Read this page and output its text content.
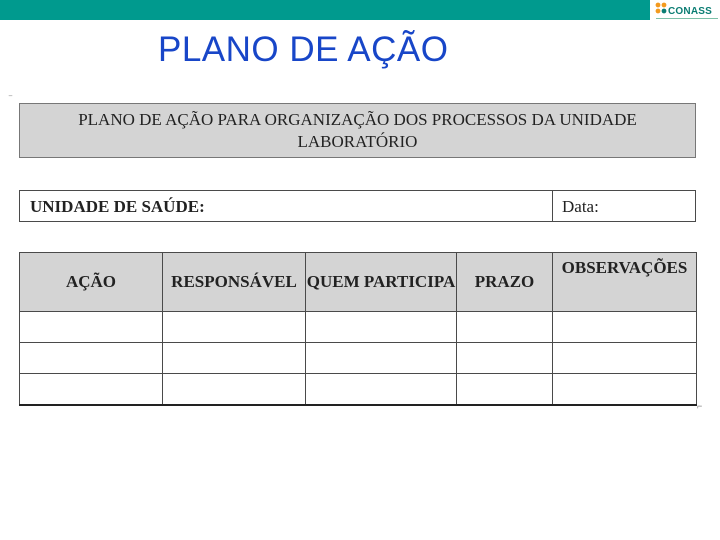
CONASS
PLANO DE AÇÃO
‾
⌐
PLANO DE AÇÃO PARA ORGANIZAÇÃO DOS PROCESSOS DA UNIDADE LABORATÓRIO
UNIDADE DE SAÚDE:	Data:
AÇÃO	RESPONSÁVEL	QUEM PARTICIPA	PRAZO	OBSERVAÇÕES
